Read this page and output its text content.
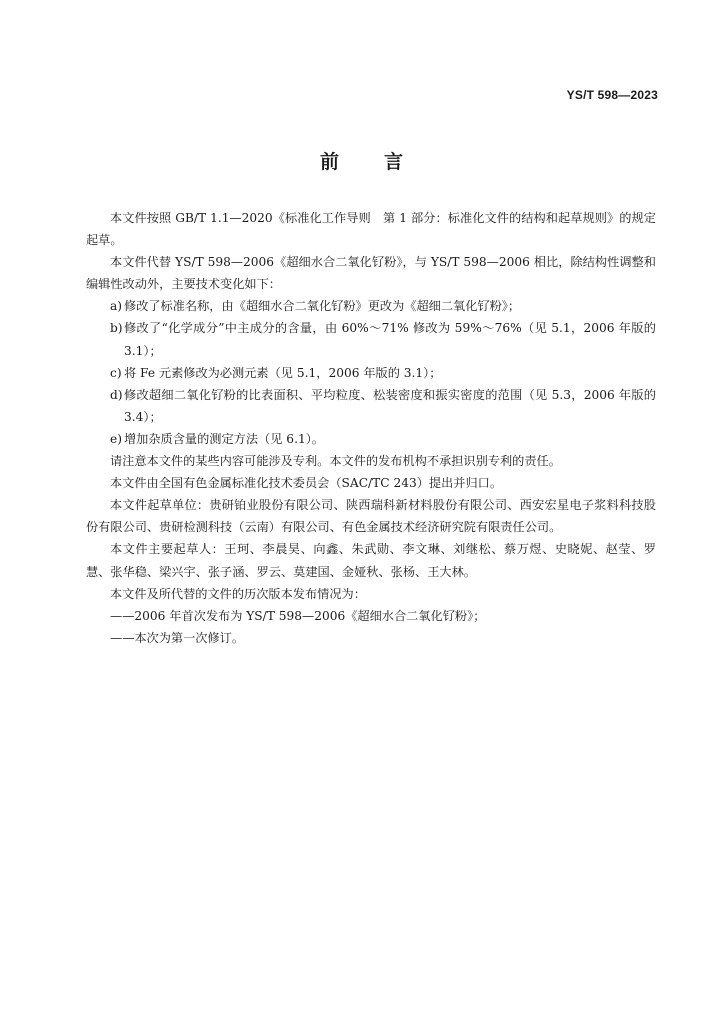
YS/T 598—2023
前 言

本文件按照 GB/T 1.1—2020《标准化工作导则　第 1 部分：标准化文件的结构和起草规则》的规定起草。

本文件代替 YS/T 598—2006《超细水合二氧化钌粉》，与 YS/T 598—2006 相比，除结构性调整和编辑性改动外，主要技术变化如下：

a) 修改了标准名称，由《超细水合二氧化钌粉》更改为《超细二氧化钌粉》；

b) 修改了“化学成分”中主成分的含量，由 60%～71% 修改为 59%～76%（见 5.1，2006 年版的 3.1）；

c) 将 Fe 元素修改为必测元素（见 5.1，2006 年版的 3.1）；

d) 修改超细二氧化钌粉的比表面积、平均粒度、松装密度和振实密度的范围（见 5.3，2006 年版的 3.4）；

e) 增加杂质含量的测定方法（见 6.1）。

请注意本文件的某些内容可能涉及专利。本文件的发布机构不承担识别专利的责任。

本文件由全国有色金属标准化技术委员会（SAC/TC 243）提出并归口。

本文件起草单位：贵研铂业股份有限公司、陕西瑞科新材料股份有限公司、西安宏星电子浆料科技股份有限公司、贵研检测科技（云南）有限公司、有色金属技术经济研究院有限责任公司。

本文件主要起草人：王珂、李晨昊、向鑫、朱武勋、李文琳、刘继松、蔡万煜、史晓妮、赵莹、罗慧、张华稳、梁兴宇、张子涵、罗云、莫建国、金娅秋、张杨、王大林。

本文件及所代替的文件的历次版本发布情况为：

——2006 年首次发布为 YS/T 598—2006《超细水合二氧化钌粉》；

——本次为第一次修订。
